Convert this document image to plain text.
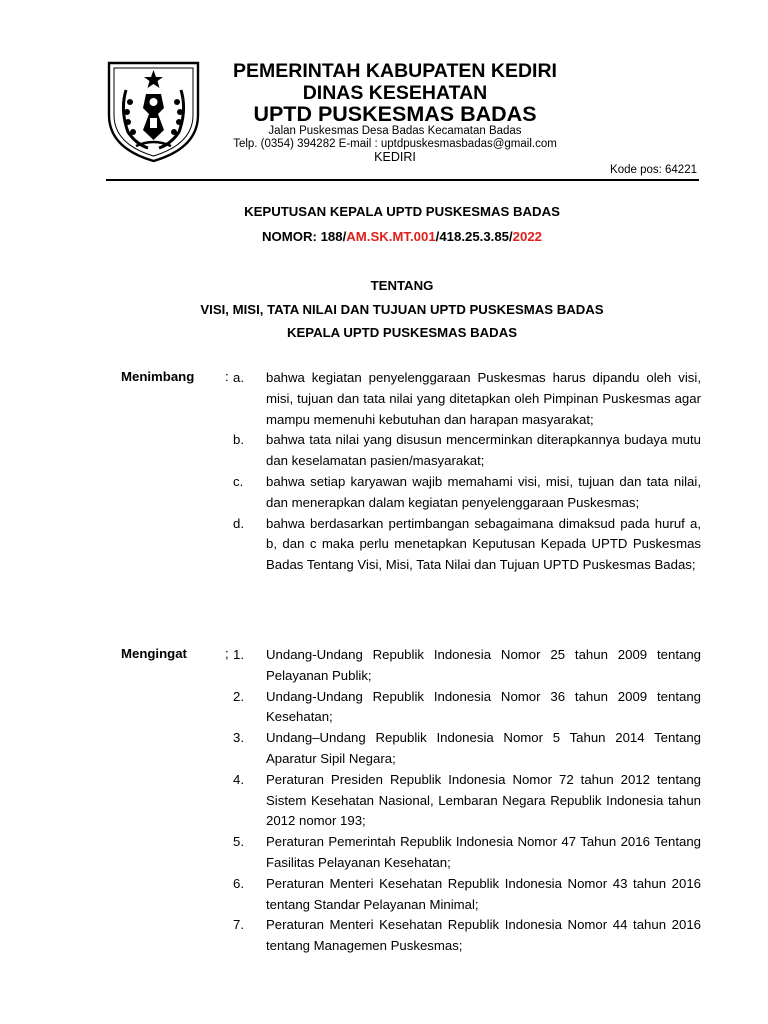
PEMERINTAH KABUPATEN KEDIRI
DINAS KESEHATAN
UPTD PUSKESMAS BADAS
Jalan Puskesmas Desa Badas Kecamatan Badas
Telp. (0354) 394282 E-mail : uptdpuskesmasbadas@gmail.com
KEDIRI
Kode pos: 64221
KEPUTUSAN KEPALA UPTD PUSKESMAS BADAS
NOMOR: 188/AM.SK.MT.001/418.25.3.85/2022
TENTANG
VISI, MISI, TATA NILAI DAN TUJUAN UPTD PUSKESMAS BADAS
KEPALA UPTD PUSKESMAS BADAS
Menimbang : a.	bahwa kegiatan penyelenggaraan Puskesmas harus dipandu oleh visi, misi, tujuan dan tata nilai yang ditetapkan oleh Pimpinan Puskesmas agar mampu memenuhi kebutuhan dan harapan masyarakat;
b.	bahwa tata nilai yang disusun mencerminkan diterapkannya budaya mutu dan keselamatan pasien/masyarakat;
c.	bahwa setiap karyawan wajib memahami visi, misi, tujuan dan tata nilai, dan menerapkan dalam kegiatan penyelenggaraan Puskesmas;
d.	bahwa berdasarkan pertimbangan sebagaimana dimaksud pada huruf a, b, dan c maka perlu menetapkan Keputusan Kepada UPTD Puskesmas Badas Tentang Visi, Misi, Tata Nilai dan Tujuan UPTD Puskesmas Badas;
Mengingat	; 1.	Undang-Undang Republik Indonesia Nomor 25 tahun 2009 tentang Pelayanan Publik;
2.	Undang-Undang Republik Indonesia Nomor 36 tahun 2009 tentang Kesehatan;
3.	Undang–Undang Republik Indonesia Nomor 5 Tahun 2014 Tentang Aparatur Sipil Negara;
4.	Peraturan Presiden Republik Indonesia Nomor 72 tahun 2012 tentang Sistem Kesehatan Nasional, Lembaran Negara Republik Indonesia tahun 2012 nomor 193;
5.	Peraturan Pemerintah Republik Indonesia Nomor 47 Tahun 2016 Tentang Fasilitas Pelayanan Kesehatan;
6.	Peraturan Menteri Kesehatan Republik Indonesia Nomor 43 tahun 2016 tentang Standar Pelayanan Minimal;
7.	Peraturan Menteri Kesehatan Republik Indonesia Nomor 44 tahun 2016 tentang Managemen Puskesmas;
